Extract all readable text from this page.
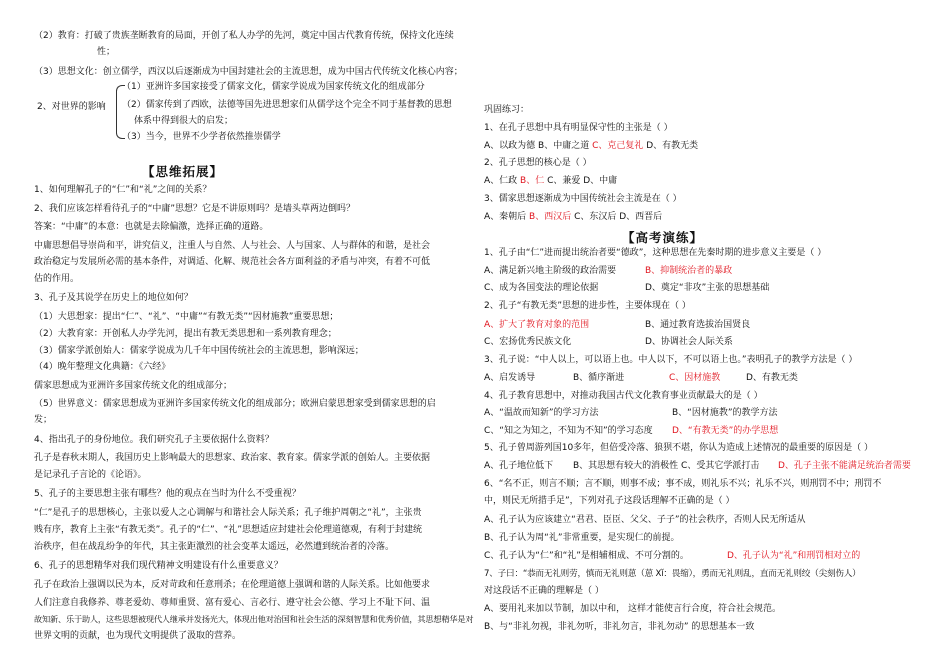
（2）教育：打破了贵族垄断教育的局面，开创了私人办学的先河，奠定中国古代教育传统，保持文化连续
性；
（3）思想文化：创立儒学，西汉以后逐渐成为中国封建社会的主流思想，成为中国古代传统文化核心内容；
2、对世界的影响
（1）亚洲许多国家接受了儒家文化，儒家学说成为国家传统文化的组成部分
（2）儒家传到了西欧，法德等国先进思想家们从儒学这个完全不同于基督教的思想
体系中得到很大的启发；
（3）当今，世界不少学者依然推崇儒学
【思维拓展】
1、如何理解孔子的“仁”和“礼”之间的关系？
2、我们应该怎样看待孔子的“中庸”思想？它是不讲原则吗？是墙头草两边倒吗？
答案：“中庸”的本意：也就是去除偏激，选择正确的道路。
中庸思想倡导崇尚和平，讲究信义，注重人与自然、人与社会、人与国家、人与群体的和谐，是社会
政治稳定与发展所必需的基本条件，对调适、化解、规范社会各方面利益的矛盾与冲突，有着不可低
估的作用。
3、孔子及其说学在历史上的地位如何？
（1）大思想家：提出“仁”、“礼”、“中庸”“有教无类”“因材施教”重要思想；
（2）大教育家：开创私人办学先河，提出有教无类思想和一系列教育理念；
（3）儒家学派创始人：儒家学说成为几千年中国传统社会的主流思想，影响深远；
（4）晚年整理文化典籍：《六经》
儒家思想成为亚洲许多国家传统文化的组成部分；
（5）世界意义：儒家思想成为亚洲许多国家传统文化的组成部分；欧洲启蒙思想家受到儒家思想的启
发；
4、指出孔子的身份地位。我们研究孔子主要依据什么资料？
孔子是春秋末期人，我国历史上影响最大的思想家、政治家、教育家。儒家学派的创始人。主要依据
是记录孔子言论的《论语》。
5、孔子的主要思想主张有哪些？他的观点在当时为什么不受重视？
“仁”是孔子的思想核心，主张以爱人之心调解与和谐社会人际关系；孔子维护周朝之“礼”，主张贵
贱有序，教育上主张“有教无类”。孔子的“仁”、“礼”思想适应封建社会伦理道德观，有利于封建统
治秩序，但在战乱纷争的年代，其主张距激烈的社会变革太遥远，必然遭到统治者的冷落。
6、孔子的思想精华对我们现代精神文明建设有什么重要意义？
孔子在政治上强调以民为本，反对苛政和任意刑杀；在伦理道德上强调和谐的人际关系。比如他要求
人们注意自我修养、尊老爱幼、尊师重贤、富有爱心、言必行、遵守社会公德、学习上不耻下问、温
故知新、乐于助人，这些思想被现代人继承并发扬光大，体现出他对治国和社会生活的深刻智慧和优秀价值，其思想精华是对
世界文明的贡献，也为现代文明提供了汲取的营养。
巩固练习：
1、在孔子思想中具有明显保守性的主张是（ ）
A、以政为德 B、中庸之道 C、克己复礼 D、有教无类
2、孔子思想的核心是（ ）
A、仁政 B、仁 C、兼爱 D、中庸
3、儒家思想逐渐成为中国传统社会主流是在（ ）
A、秦朝后 B、西汉后 C、东汉后 D、西晋后
【高考演练】
1、孔子由“仁”进而提出统治者要“德政”，这种思想在先秦时期的进步意义主要是（ ）
A、满足新兴地主阶级的政治需要	B、抑制统治者的暴政
C、成为各国变法的理论依据	D、奠定“非攻”主张的思想基础
2、孔子“有教无类”思想的进步性，主要体现在（ ）
A、扩大了教育对象的范围	B、通过教育选拔治国贤良
C、宏扬优秀民族文化	D、协调社会人际关系
3、孔子说：“中人以上，可以语上也。中人以下，不可以语上也。”表明孔子的教学方法是（ ）
A、启发诱导	B、循序渐进	C、因材施教	D、有教无类
4、孔子教育思想中，对推动我国古代文化教育事业贡献最大的是（ ）
A、“温故而知新”的学习方法	B、“因材施教”的教学方法
C、“知之为知之，不知为不知”的学习态度 D、“有教无类”的办学思想
5、孔子曾周游列国10多年，但倍受冷落、狼狈不堪，你认为造成上述情况的最重要的原因是（ ）
A、孔子地位低下 B、其思想有较大的消极性 C、受其它学派打击 D、孔子主张不能满足统治者需要
6、“名不正，则言不顺；言不顺，则事不成；事不成，则礼乐不兴；礼乐不兴，则刑罚不中；刑罚不
中，则民无所措手足”，下列对孔子这段话理解不正确的是（ ）
A、孔子认为应该建立“君君、臣臣、父父、子子”的社会秩序，否则人民无所适从
B、孔子认为周“礼”非常重要，是实现仁的前提。
C、孔子认为“仁”和“礼”是相辅相成、不可分割的。	D、孔子认为“礼”和刑罚相对立的
7、子曰：“恭而无礼则劳，慎而无礼则葸（葸 Xǐ：畏缩），勇而无礼则乱，直而无礼则绞（尖刻伤人）
对这段话不正确的理解是（ ）
A、要用礼来加以节制，加以中和， 这样才能使言行合度，符合社会规范。
B、与“非礼勿视，非礼勿听，非礼勿言，非礼勿动” 的思想基本一致
